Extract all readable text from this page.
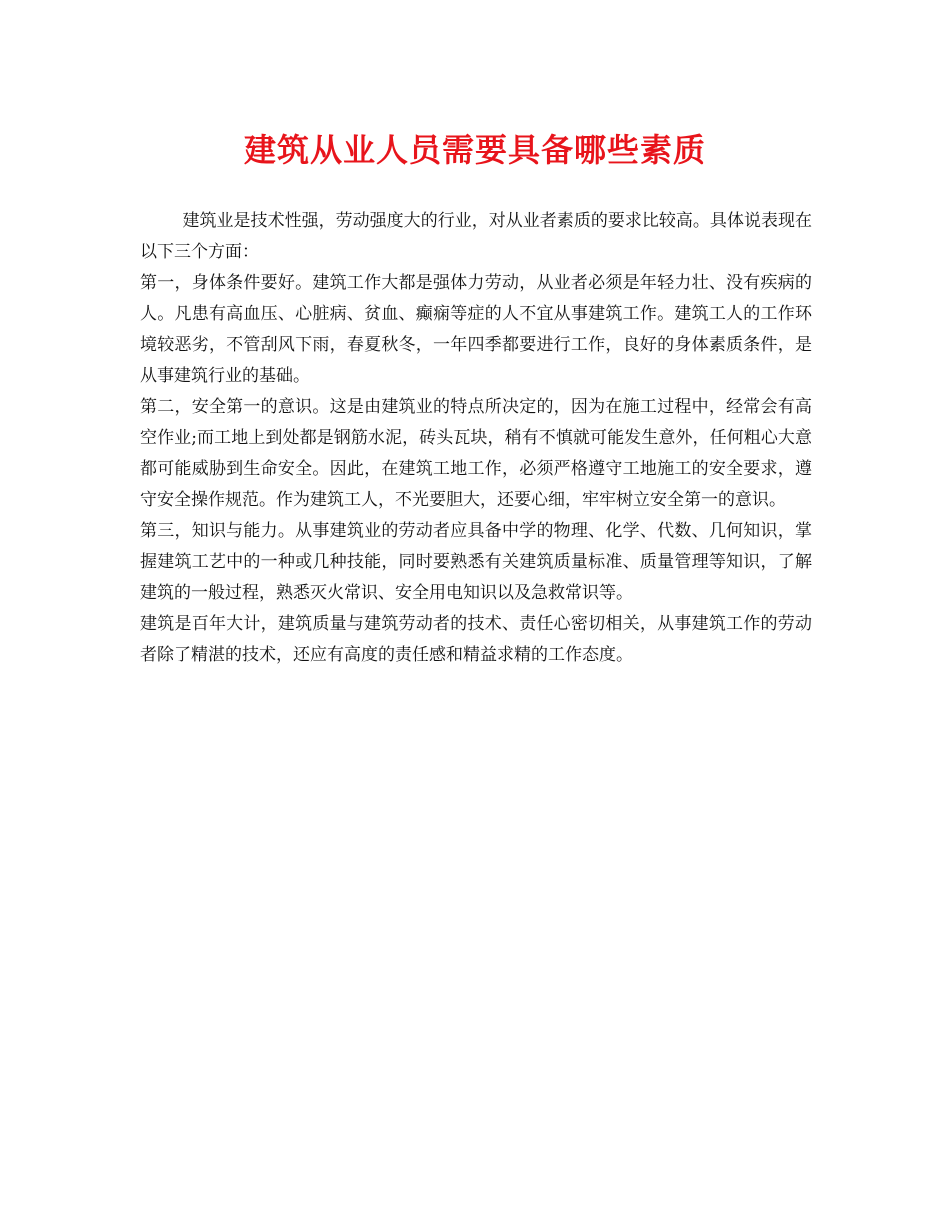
建筑从业人员需要具备哪些素质

建筑业是技术性强，劳动强度大的行业，对从业者素质的要求比较高。具体说表现在以下三个方面：

第一，身体条件要好。建筑工作大都是强体力劳动，从业者必须是年轻力壮、没有疾病的人。凡患有高血压、心脏病、贫血、癫痫等症的人不宜从事建筑工作。建筑工人的工作环境较恶劣，不管刮风下雨，春夏秋冬，一年四季都要进行工作，良好的身体素质条件，是从事建筑行业的基础。

第二，安全第一的意识。这是由建筑业的特点所决定的，因为在施工过程中，经常会有高空作业;而工地上到处都是钢筋水泥，砖头瓦块，稍有不慎就可能发生意外，任何粗心大意都可能威胁到生命安全。因此，在建筑工地工作，必须严格遵守工地施工的安全要求，遵守安全操作规范。作为建筑工人，不光要胆大，还要心细，牢牢树立安全第一的意识。

第三，知识与能力。从事建筑业的劳动者应具备中学的物理、化学、代数、几何知识，掌握建筑工艺中的一种或几种技能，同时要熟悉有关建筑质量标准、质量管理等知识，了解建筑的一般过程，熟悉灭火常识、安全用电知识以及急救常识等。

建筑是百年大计，建筑质量与建筑劳动者的技术、责任心密切相关，从事建筑工作的劳动者除了精湛的技术，还应有高度的责任感和精益求精的工作态度。
